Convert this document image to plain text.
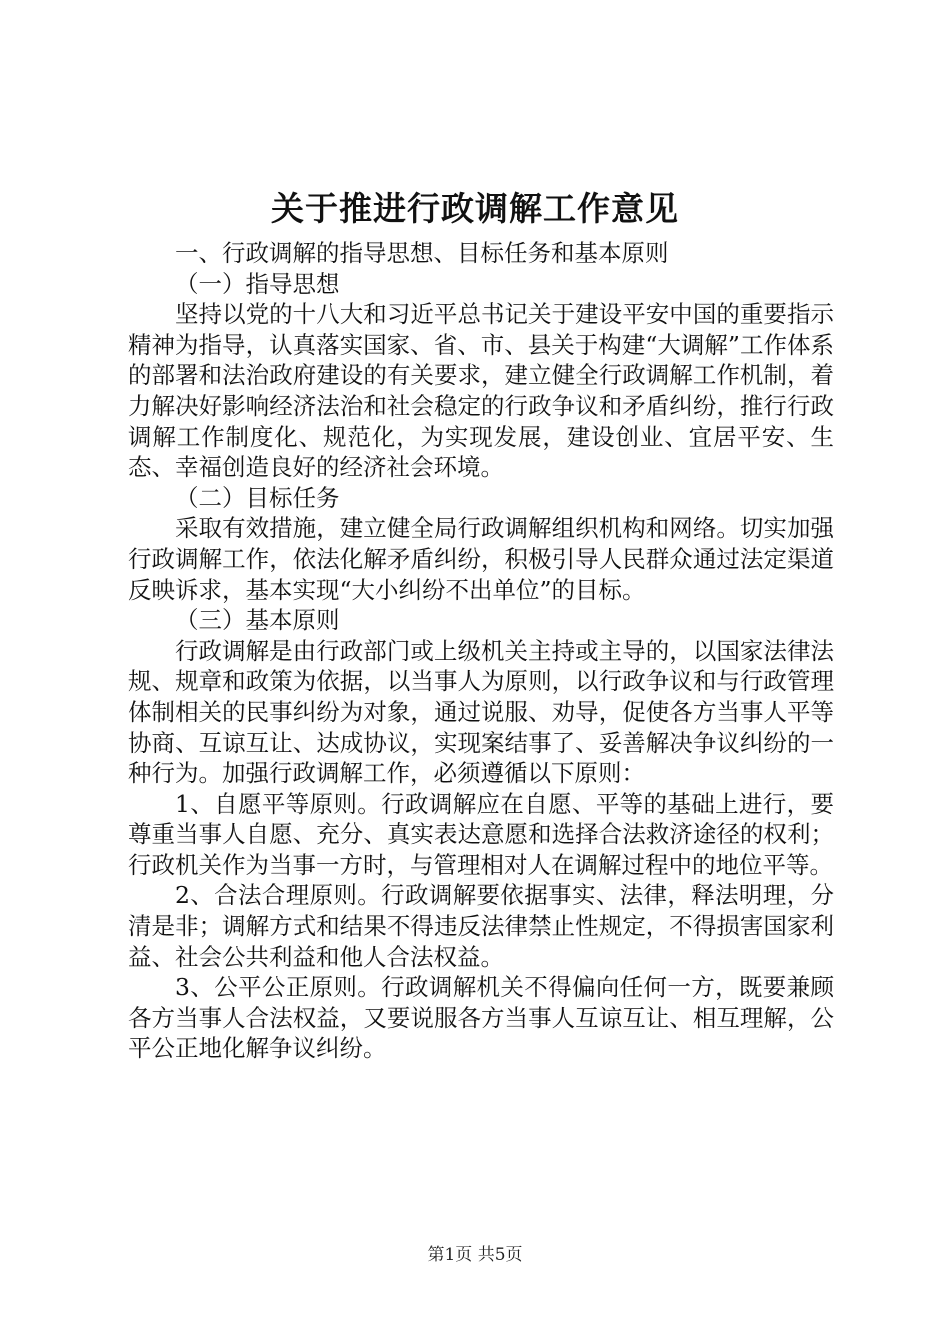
关于推进行政调解工作意见

一、行政调解的指导思想、目标任务和基本原则

（一）指导思想

坚持以党的十八大和习近平总书记关于建设平安中国的重要指示精神为指导，认真落实国家、省、市、县关于构建“大调解”工作体系的部署和法治政府建设的有关要求，建立健全行政调解工作机制，着力解决好影响经济法治和社会稳定的行政争议和矛盾纠纷，推行行政调解工作制度化、规范化，为实现发展，建设创业、宜居平安、生态、幸福创造良好的经济社会环境。

（二）目标任务

采取有效措施，建立健全局行政调解组织机构和网络。切实加强行政调解工作，依法化解矛盾纠纷，积极引导人民群众通过法定渠道反映诉求，基本实现“大小纠纷不出单位”的目标。

（三）基本原则

行政调解是由行政部门或上级机关主持或主导的，以国家法律法规、规章和政策为依据，以当事人为原则，以行政争议和与行政管理体制相关的民事纠纷为对象，通过说服、劝导，促使各方当事人平等协商、互谅互让、达成协议，实现案结事了、妥善解决争议纠纷的一种行为。加强行政调解工作，必须遵循以下原则：

1、自愿平等原则。行政调解应在自愿、平等的基础上进行，要尊重当事人自愿、充分、真实表达意愿和选择合法救济途径的权利；行政机关作为当事一方时，与管理相对人在调解过程中的地位平等。

2、合法合理原则。行政调解要依据事实、法律，释法明理，分清是非；调解方式和结果不得违反法律禁止性规定，不得损害国家利益、社会公共利益和他人合法权益。

3、公平公正原则。行政调解机关不得偏向任何一方，既要兼顾各方当事人合法权益，又要说服各方当事人互谅互让、相互理解，公平公正地化解争议纠纷。

第1页 共5页
